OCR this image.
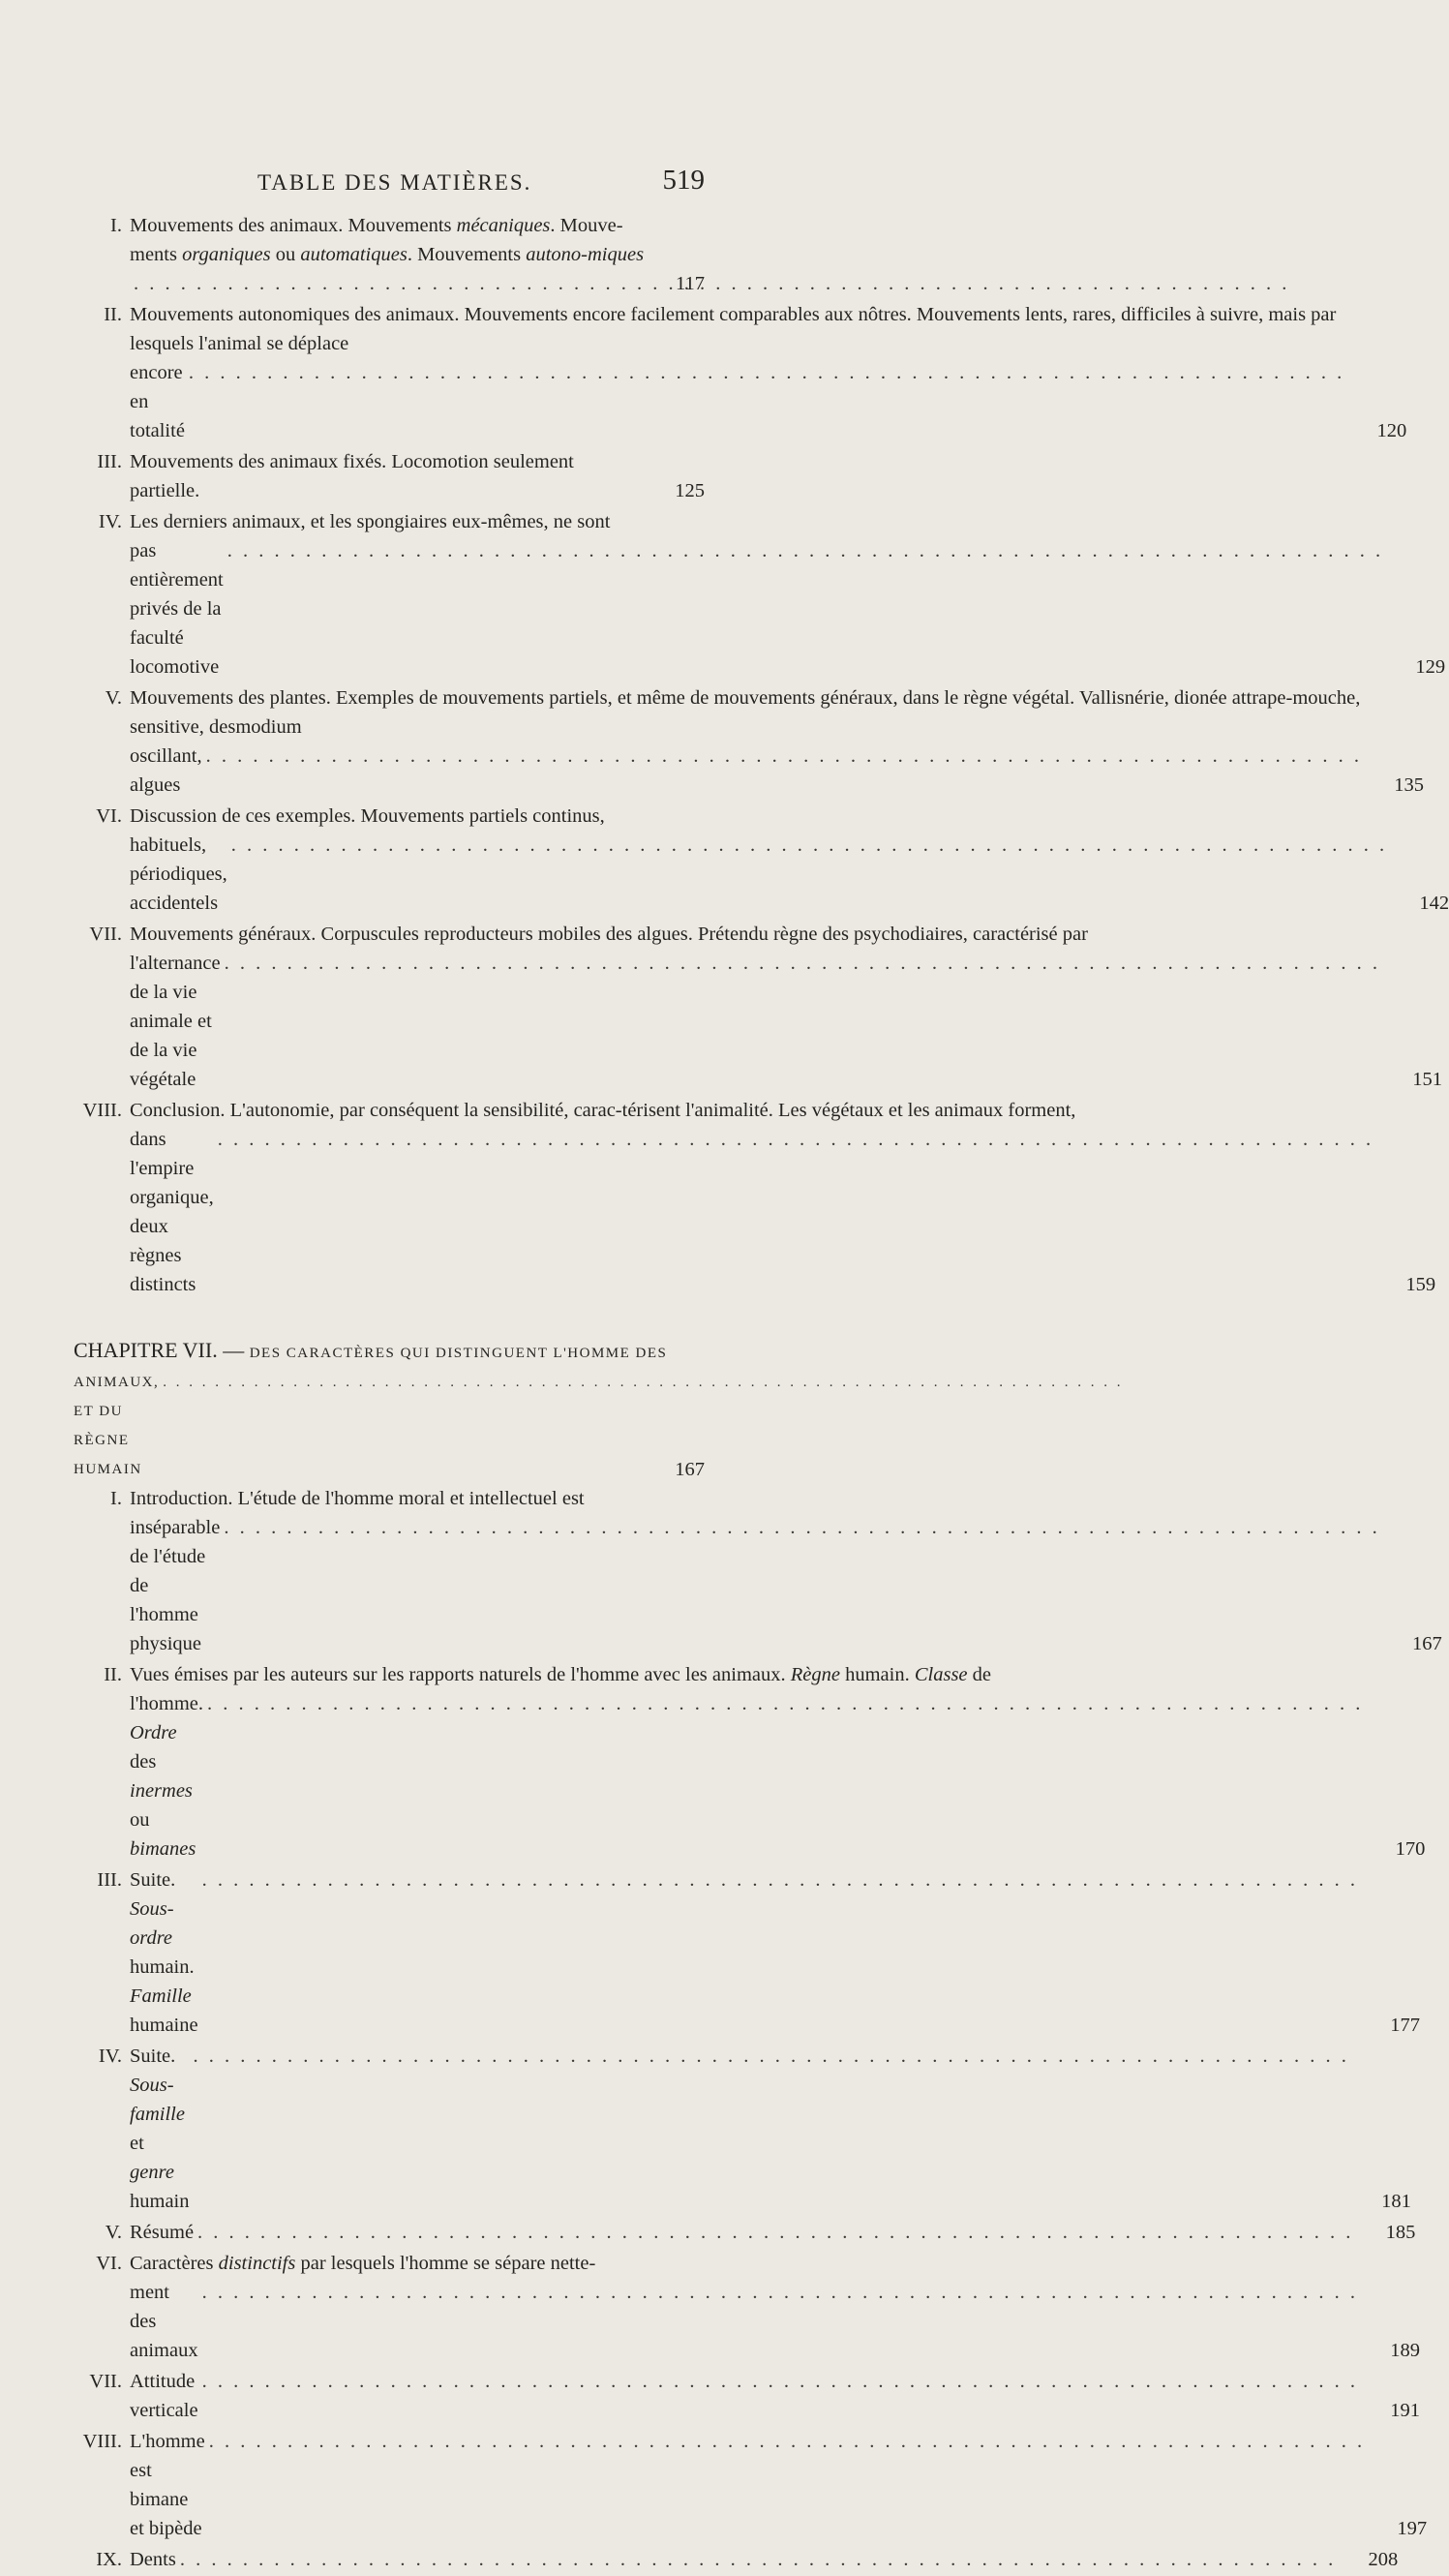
TABLE DES MATIÈRES.	519
I. Mouvements des animaux. Mouvements mécaniques. Mouve-ments organiques ou automatiques. Mouvements autono-miques. . .
117
II. Mouvements autonomiques des animaux. Mouvements encore facilement comparables aux nôtres. Mouvements lents, rares, difficiles à suivre, mais par lesquels l'animal se déplace
encore en totalité
. . .	120
III. Mouvements des animaux fixés. Locomotion seulement partielle.	125
IV. Les derniers animaux, et les spongiaires eux-mêmes, ne sont
pas entièrement privés de la faculté locomotive
. . .	129
V. Mouvements des plantes. Exemples de mouvements partiels, et même de mouvements généraux, dans le règne végétal. Vallisnérie, dionée attrape-mouche, sensitive, desmodium
oscillant, algues
. . .	135
VI. Discussion de ces exemples. Mouvements partiels continus,
habituels, périodiques, accidentels
. . .	142
VII. Mouvements généraux. Corpuscules reproducteurs mobiles des algues. Prétendu règne des psychodiaires, caractérisé par
l'alternance de la vie animale et de la vie végétale
. . .	151
VIII. Conclusion. L'autonomie, par conséquent la sensibilité, carac-térisent l'animalité. Les végétaux et les animaux forment,
dans l'empire organique, deux règnes distincts
. . .	159
CHAPITRE VII. — DES CARACTÈRES QUI DISTINGUENT L'HOMME DES
ANIMAUX, ET DU RÈGNE HUMAIN
. . .	167
I. Introduction. L'étude de l'homme moral et intellectuel est
inséparable de l'étude de l'homme physique
. . .	167
II. Vues émises par les auteurs sur les rapports naturels de l'homme avec les animaux. Règne humain. Classe de
l'homme. Ordre des inermes ou bimanes
. . .	170
III. Suite. Sous-ordre humain. Famille humaine
. . .	177
IV. Suite. Sous-famille et genre humain
. . .	181
V. Résumé . . .	185
VI. Caractères distinctifs par lesquels l'homme se sépare nette-
ment des animaux
. . .	189
VII. Attitude verticale
. . .	191
VIII. L'homme est bimane et bipède
. . .	197
IX. Dents . . .	208
